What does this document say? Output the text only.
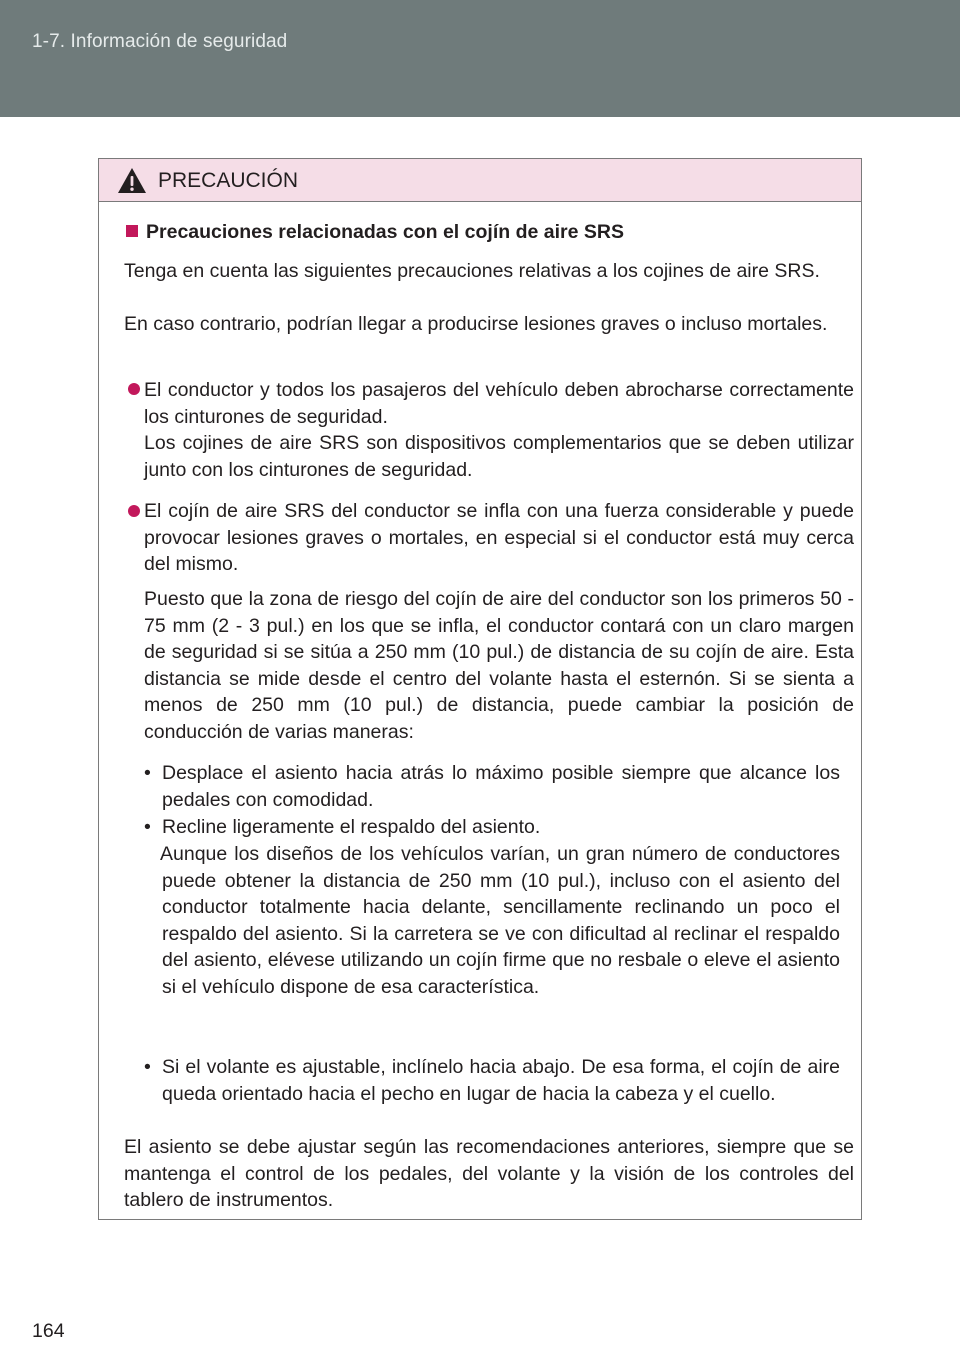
1-7. Información de seguridad
PRECAUCIÓN
Precauciones relacionadas con el cojín de aire SRS

Tenga en cuenta las siguientes precauciones relativas a los cojines de aire SRS.

En caso contrario, podrían llegar a producirse lesiones graves o incluso mortales.

El conductor y todos los pasajeros del vehículo deben abrocharse correctamente los cinturones de seguridad.

Los cojines de aire SRS son dispositivos complementarios que se deben utilizar junto con los cinturones de seguridad.

El cojín de aire SRS del conductor se infla con una fuerza considerable y puede provocar lesiones graves o mortales, en especial si el conductor está muy cerca del mismo.

Puesto que la zona de riesgo del cojín de aire del conductor son los primeros 50 - 75 mm (2 - 3 pul.) en los que se infla, el conductor contará con un claro margen de seguridad si se sitúa a 250 mm (10 pul.) de distancia de su cojín de aire. Esta distancia se mide desde el centro del volante hasta el esternón. Si se sienta a menos de 250 mm (10 pul.) de distancia, puede cambiar la posición de conducción de varias maneras:

• Desplace el asiento hacia atrás lo máximo posible siempre que alcance los pedales con comodidad.

• Recline ligeramente el respaldo del asiento.

Aunque los diseños de los vehículos varían, un gran número de conductores puede obtener la distancia de 250 mm (10 pul.), incluso con el asiento del conductor totalmente hacia delante, sencillamente reclinando un poco el respaldo del asiento. Si la carretera se ve con dificultad al reclinar el respaldo del asiento, elévese utilizando un cojín firme que no resbale o eleve el asiento si el vehículo dispone de esa característica.

• Si el volante es ajustable, inclínelo hacia abajo. De esa forma, el cojín de aire queda orientado hacia el pecho en lugar de hacia la cabeza y el cuello.

El asiento se debe ajustar según las recomendaciones anteriores, siempre que se mantenga el control de los pedales, del volante y la visión de los controles del tablero de instrumentos.

164
